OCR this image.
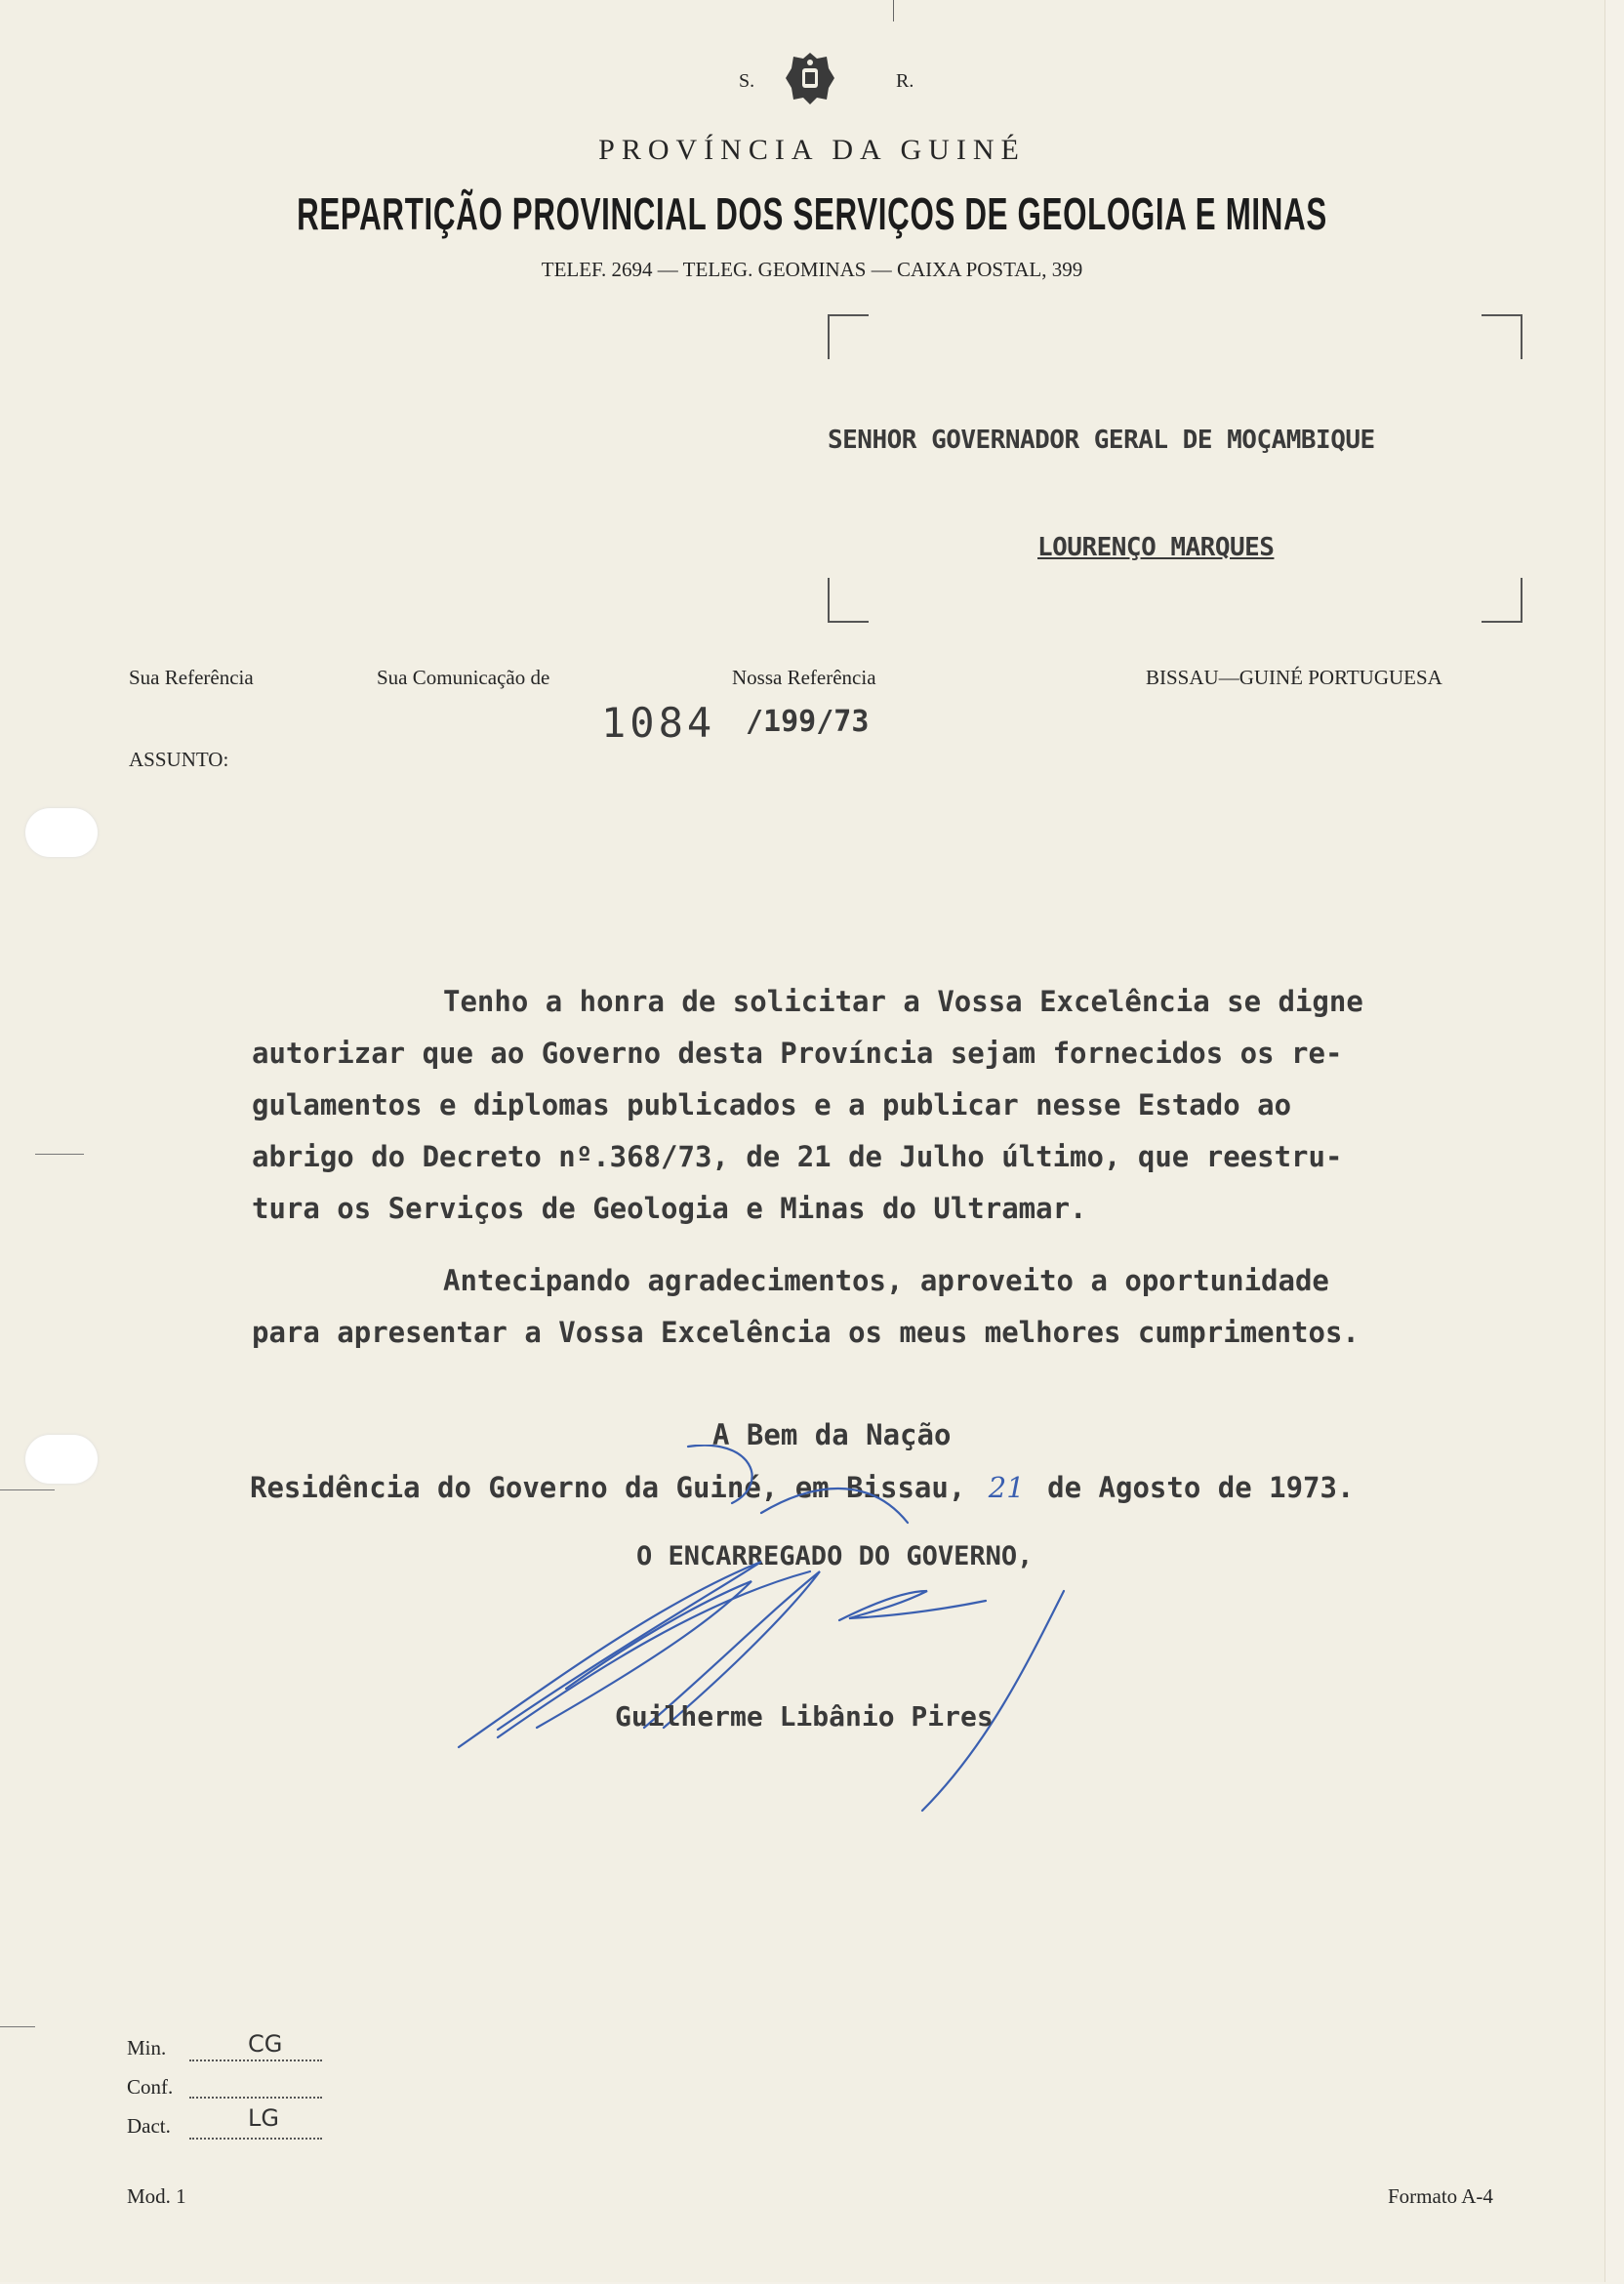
S.	R.
PROVÍNCIA DA GUINÉ
REPARTIÇÃO PROVINCIAL DOS SERVIÇOS DE GEOLOGIA E MINAS
TELEF. 2694 — TELEG. GEOMINAS — CAIXA POSTAL, 399
SENHOR GOVERNADOR GERAL DE MOÇAMBIQUE
LOURENÇO MARQUES
Sua Referência	Sua Comunicação de	Nossa Referência	BISSAU—GUINÉ PORTUGUESA
1084 /199/73
ASSUNTO:
Tenho a honra de solicitar a Vossa Excelência se digne
autorizar que ao Governo desta Província sejam fornecidos os re-
gulamentos e diplomas publicados e a publicar nesse Estado ao
abrigo do Decreto nº.368/73, de 21 de Julho último, que reestru-
tura os Serviços de Geologia e Minas do Ultramar.
Antecipando agradecimentos, aproveito a oportunidade
para apresentar a Vossa Excelência os meus melhores cumprimentos.
A Bem da Nação
Residência do Governo da Guiné, em Bissau, 21 de Agosto de 1973.
O ENCARREGADO DO GOVERNO,
Guilherme Libânio Pires
Min.	CG
Conf.
Dact.	LG
Mod. 1	Formato A-4
